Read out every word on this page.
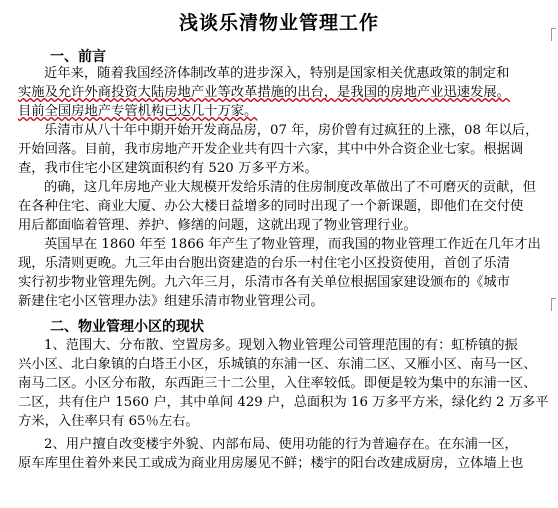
浅谈乐清物业管理工作
一、前言
近年来，随着我国经济体制改革的进步深入，特别是国家相关优惠政策的制定和
实施及允许外商投资大陆房地产业等改革措施的出台，是我国的房地产业迅速发展。
目前全国房地产专管机构已达几十万家。
乐清市从八十年中期开始开发商品房，07 年，房价曾有过疯狂的上涨，08 年以后，
开始回落。目前，我市房地产开发企业共有四十六家，其中中外合资企业七家。根据调
查，我市住宅小区建筑面积约有 520 万多平方米。
的确，这几年房地产业大规模开发给乐清的住房制度改革做出了不可磨灭的贡献，但
在各种住宅、商业大厦、办公大楼日益增多的同时出现了一个新课题，即他们在交付使
用后都面临着管理、养护、修缮的问题，这就出现了物业管理行业。
英国早在 1860 年至 1866 年产生了物业管理，而我国的物业管理工作近在几年才出
现，乐清则更晚。九三年由台胞出资建造的台乐一村住宅小区投资使用，首创了乐清
实行初步物业管理先例。九六年三月，乐清市各有关单位根据国家建设颁布的《城市
新建住宅小区管理办法》组建乐清市物业管理公司。
二、物业管理小区的现状
1、范围大、分布散、空置房多。现划入物业管理公司管理范围的有：虹桥镇的振
兴小区、北白象镇的白塔王小区，乐城镇的东浦一区、东浦二区、又雁小区、南马一区、
南马二区。小区分布散，东西距三十二公里，入住率较低。即便是较为集中的东浦一区、
二区，共有住户 1560 户，其中单间 429 户，总面积为 16 万多平方米，绿化约 2 万多平
方米，入住率只有 65％左右。
2、用户擅自改变楼宇外貌、内部布局、使用功能的行为普遍存在。在东浦一区，
原车库里住着外来民工或成为商业用房屡见不鲜；楼宇的阳台改建成厨房，立体墙上也
